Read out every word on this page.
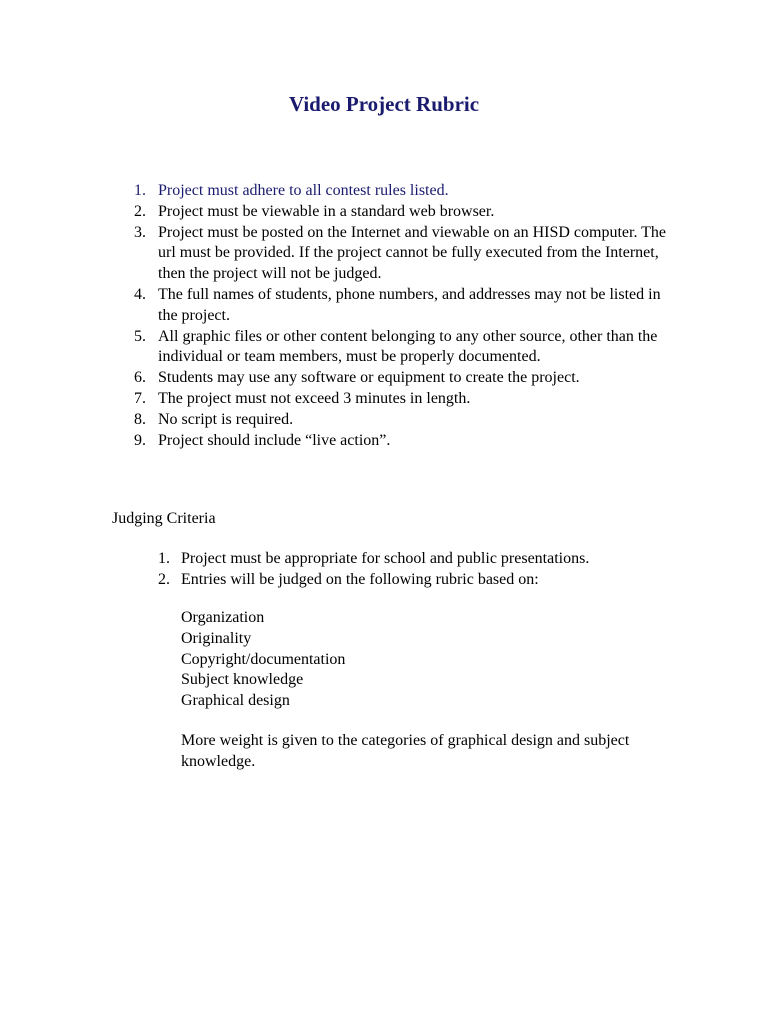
Video Project Rubric
1. Project must adhere to all contest rules listed.
2. Project must be viewable in a standard web browser.
3. Project must be posted on the Internet and viewable on an HISD computer. The url must be provided. If the project cannot be fully executed from the Internet, then the project will not be judged.
4. The full names of students, phone numbers, and addresses may not be listed in the project.
5. All graphic files or other content belonging to any other source, other than the individual or team members, must be properly documented.
6. Students may use any software or equipment to create the project.
7. The project must not exceed 3 minutes in length.
8. No script is required.
9. Project should include “live action”.
Judging Criteria
1. Project must be appropriate for school and public presentations.
2. Entries will be judged on the following rubric based on:
Organization
Originality
Copyright/documentation
Subject knowledge
Graphical design
More weight is given to the categories of graphical design and subject knowledge.
